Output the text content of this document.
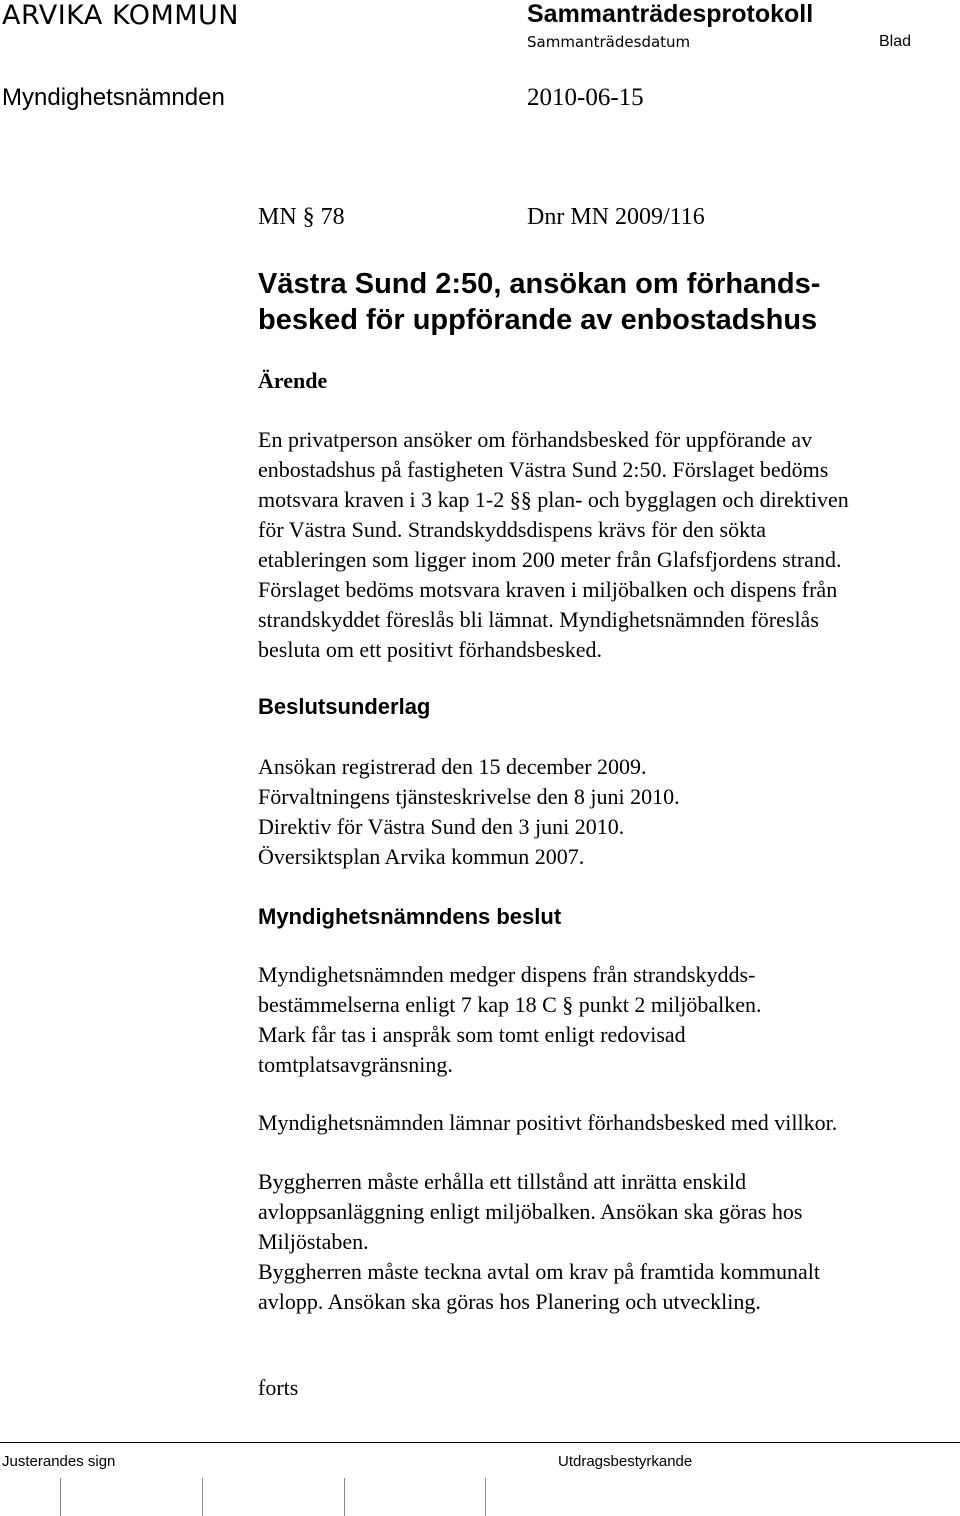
ARVIKA KOMMUN	Sammanträdesprotokoll
Sammanträdesdatum	Blad
Myndighetsnämnden	2010-06-15
MN § 78	Dnr MN 2009/116
Västra Sund 2:50, ansökan om förhands-
besked för uppförande av enbostadshus
Ärende
En privatperson ansöker om förhandsbesked för uppförande av
enbostadshus på fastigheten Västra Sund 2:50. Förslaget bedöms
motsvara kraven i 3 kap 1-2 §§ plan- och bygglagen och direktiven
för Västra Sund. Strandskyddsdispens krävs för den sökta
etableringen som ligger inom 200 meter från Glafsfjordens strand.
Förslaget bedöms motsvara kraven i miljöbalken och dispens från
strandskyddet föreslås bli lämnat. Myndighetsnämnden föreslås
besluta om ett positivt förhandsbesked.
Beslutsunderlag
Ansökan registrerad den 15 december 2009.
Förvaltningens tjänsteskrivelse den 8 juni 2010.
Direktiv för Västra Sund den 3 juni 2010.
Översiktsplan Arvika kommun 2007.
Myndighetsnämndens beslut
Myndighetsnämnden medger dispens från strandskydds-
bestämmelserna enligt 7 kap 18 C § punkt 2 miljöbalken.
Mark får tas i anspråk som tomt enligt redovisad
tomtplatsavgränsning.
Myndighetsnämnden lämnar positivt förhandsbesked med villkor.
Byggherren måste erhålla ett tillstånd att inrätta enskild
avloppsanläggning enligt miljöbalken. Ansökan ska göras hos
Miljöstaben.
Byggherren måste teckna avtal om krav på framtida kommunalt
avlopp. Ansökan ska göras hos Planering och utveckling.
forts
Justerandes sign	Utdragsbestyrkande
